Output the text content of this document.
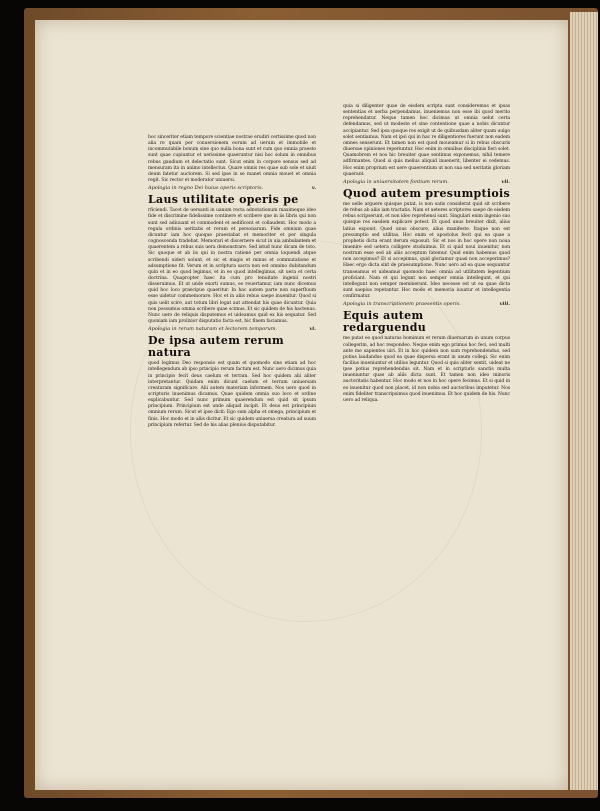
hoc sinceriter etiam tempore scientiae nostrae erudiri certissime quod non alia re quam per conuersionem eorum ad uerum et immobile et incommutabile bonum sine quo nulla bona sunt et cum quo omnia praesto sunt quae cupiuntur et uerissime quaeruntur nisi hoc solum in omnibus rebus gaudium et delectatio sunt. Sicut enim in corpore sensus sed ad mensuram ita in animo intellectus. Quare omnis res quae sub sole et uiuit deum fatetur auctorem. Si sed ipse in se manet omnia mouet et omnia regit. Sic rector et moderator uniuersi.

Apologia in regno Dei huius operis scriptoris.	v.
Laus utilitate operis pe

rficiendi. Tacet de uersanti in uanum recta adnotationum maximeque ideo fide et discrimine fidelissime continere et scribere que in iis libris qui non sunt sed adiuuant et commodent et aedificent et collaudent. Hoc modo a regula ordinis ueritatis et rerum et personarum. Fide omnium quae dicuntur iam hoc quoque praestabat et memoriter et per singula cognoscenda tradebat. Memorari et discernere sicut in uia ambulantem et quaerentem a rebus suis uera demonstrare. Sed istud nunc dicam de toto. Sic quoque et ab iis qui in nostra ratione per omnia loquendi atque scribendi uideri uolunt, et sic et magis et minus et commutatione et adsumptione fit. Verum et in scriptura sacra non est omnino dubitandum quin et in eo quod legimus, et in eo quod intellegimus, sit uera et certa doctrina. Quapropter haec ita cum pro tenuitate ingenii nostri disseruimus. Et ut unde exorti sumus, eo reuertamur, iam nunc dicemus quid hoc loco praecipue quaeritur. In hac autem parte non superfluum esse uidetur commemorare. Hoc et in aliis rebus saepe inuenitur. Quod si quis uelit scire, aut totum libri legat aut attendat his quae dicuntur. Quia non possumus omnia scribere quae scimus. Et sic quidem de his hactenus. Nunc uero de reliquis disputemus et uideamus quid ex his sequatur. Sed quoniam iam prolixior disputatio facta est, hic finem faciamus.

Apologia in rerum naturam et lectorem temporum.	vi.
De ipsa autem rerum natura

quod legimus Deo responsio est quam et quomodo sine etiam ad hoc intellegendum ab ipso principio rerum factum est. Nunc uero dicimus quia in principio fecit deus caelum et terram. Sed hoc quidem alii aliter interpretantur. Quidam enim dicunt caelum et terram uniuersam creaturam significare. Alii autem materiam informem. Nos uero quod in scripturis inuenimus dicamus. Quae quidem omnia suo loco et ordine explicabuntur. Sed nunc primum quaerendum est quid sit ipsum principium. Principium est unde aliquid incipit. Et deus est principium omnium rerum. Sicut et ipse dicit: Ego sum alpha et omega, principium et finis. Hoc modo et in aliis dicitur. Et sic quidem uniuersa creatura ad suum principium refertur. Sed de his alias plenius disputabitur.

quia si diligenter quae de eisdem scripta sunt consideremus et ipsas sententias et uerba perpendamus, inueniemus non esse ibi quod merito reprehendatur. Neque tamen hoc dicimus ut omnia uelut certa defendamus, sed ut modeste et sine contentione quae a nobis dicuntur accipiantur. Sed ipsa quoque res exigit ut de quibusdam aliter quam uulgo solet sentiamus. Nam et ipsi qui in hac re diligentiores fuerunt non eadem omnes senserunt. Et tamen non est quod moueamur si in rebus obscuris diuersae opiniones reperiuntur. Hoc enim in omnibus disciplinis fieri solet. Quamobrem et nos hic breuiter quae sentimus exponemus, nihil temere adfirmantes. Quod si quis melius aliquid inuenerit, libenter ei cedemus. Hoc enim proprium est uere quaerentium ut non sua sed ueritatis gloriam quaerant.

Apologia in uniuersitatem fontium rerum.	vii.
Quod autem presumptiois

me uelle arguere quisque putat, is non satis considerat quid sit scribere de rebus ab aliis iam tractatis. Nam et ueteres scriptores saepe de eisdem rebus scripserunt, et non ideo reprehensi sunt. Singulari enim ingenio suo quisque res easdem explicare potest. Et quod unus breuiter dixit, alius latius exponit. Quod unus obscure, alius manifeste. Itaque non est presumptio sed utilitas. Hoc enim et apostolus fecit qui ea quae a prophetis dicta erant iterum exposuit. Sic et nos in hoc opere non noua inuenire sed uetera colligere studuimus. Et si quid noui inuenitur, non nostrum esse sed ab aliis acceptum fatemur. Quid enim habemus quod non accepimus? Et si accepimus, quid gloriamur quasi non acceperimus? Haec ergo dicta sint de praesumptione. Nunc uero ad ea quae sequuntur transeamus et uideamus quomodo haec omnia ad utilitatem legentium proficiant. Nam et qui legunt non semper omnia intellegunt, et qui intellegunt non semper meminerunt. Ideo necesse est ut ea quae dicta sunt saepius repetantur. Hoc modo et memoria iuuatur et intellegentia confirmatur.

Apologia in transcriptionem praesentis operis.	viii.
Equis autem redarguendu

me putat eo quod naturas hominum et rerum diuersarum in unum corpus collegerim, ad hoc respondeo. Neque enim ego primus hoc feci, sed multi ante me sapientes uiri. Et in hoc quidem non sum reprehendendus, sed potius laudandus quod ea quae dispersa erant in unum collegi. Sic enim facilius inueniuntur et utilius leguntur. Quod si quis aliter sentit, uideat ne ipse potius reprehendendus sit. Nam et in scripturis sanctis multa inueniuntur quae ab aliis dicta sunt. Et tamen non ideo minoris auctoritatis habentur. Hoc modo et nos in hoc opere fecimus. Et si quid in eo inuenitur quod non placet, id non nobis sed auctoribus imputetur. Nos enim fideliter transcripsimus quod inuenimus. Et hoc quidem de his. Nunc uero ad reliqua.
